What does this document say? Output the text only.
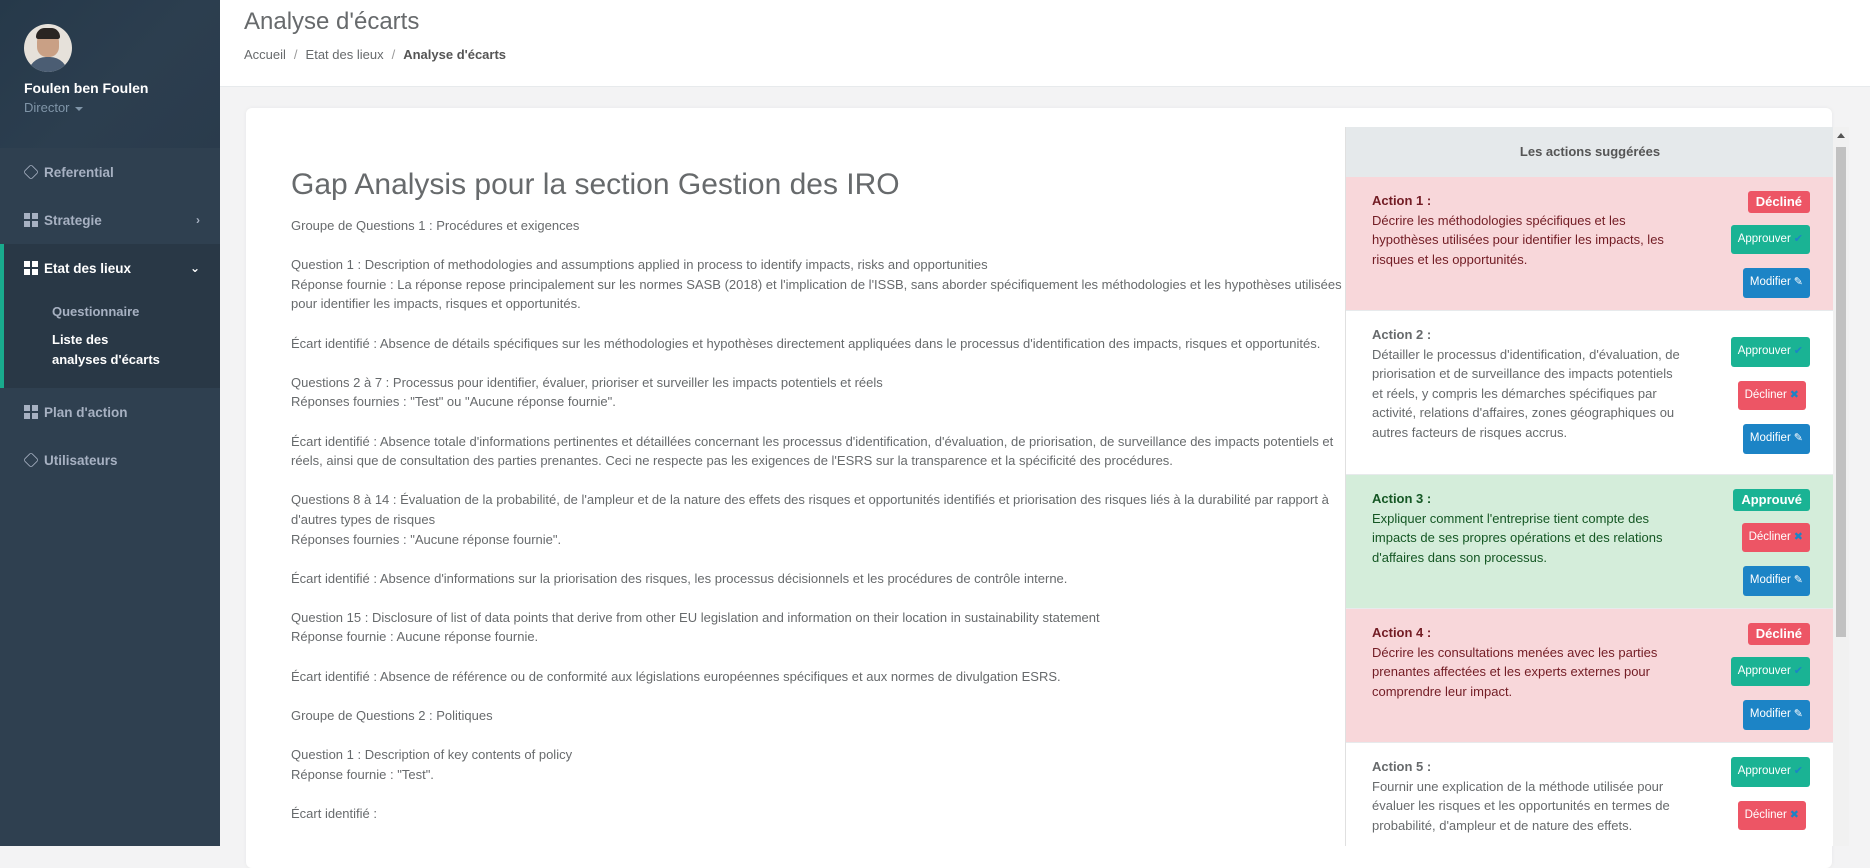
Foulen ben Foulen
Director
Referential
Strategie	›
Etat des lieux	⌄
Questionnaire
Liste des analyses d'écarts
Plan d'action
Utilisateurs
Analyse d'écarts
Accueil / Etat des lieux / Analyse d'écarts
Gap Analysis pour la section Gestion des IRO

Groupe de Questions 1 : Procédures et exigences

Question 1 : Description of methodologies and assumptions applied in process to identify impacts, risks and opportunities
Réponse fournie : La réponse repose principalement sur les normes SASB (2018) et l'implication de l'ISSB, sans aborder spécifiquement les méthodologies et les hypothèses utilisées pour identifier les impacts, risques et opportunités.

Écart identifié : Absence de détails spécifiques sur les méthodologies et hypothèses directement appliquées dans le processus d'identification des impacts, risques et opportunités.

Questions 2 à 7 : Processus pour identifier, évaluer, prioriser et surveiller les impacts potentiels et réels
Réponses fournies : "Test" ou "Aucune réponse fournie".

Écart identifié : Absence totale d'informations pertinentes et détaillées concernant les processus d'identification, d'évaluation, de priorisation, de surveillance des impacts potentiels et réels, ainsi que de consultation des parties prenantes. Ceci ne respecte pas les exigences de l'ESRS sur la transparence et la spécificité des procédures.

Questions 8 à 14 : Évaluation de la probabilité, de l'ampleur et de la nature des effets des risques et opportunités identifiés et priorisation des risques liés à la durabilité par rapport à d'autres types de risques
Réponses fournies : "Aucune réponse fournie".

Écart identifié : Absence d'informations sur la priorisation des risques, les processus décisionnels et les procédures de contrôle interne.

Question 15 : Disclosure of list of data points that derive from other EU legislation and information on their location in sustainability statement
Réponse fournie : Aucune réponse fournie.

Écart identifié : Absence de référence ou de conformité aux législations européennes spécifiques et aux normes de divulgation ESRS.

Groupe de Questions 2 : Politiques

Question 1 : Description of key contents of policy
Réponse fournie : "Test".

Écart identifié :

Les actions suggérées
Action 1 :
Décrire les méthodologies spécifiques et les hypothèses utilisées pour identifier les impacts, les risques et les opportunités.
Décliné
Approuver ✔
Modifier ✎
Action 2 :
Détailler le processus d'identification, d'évaluation, de priorisation et de surveillance des impacts potentiels et réels, y compris les démarches spécifiques par activité, relations d'affaires, zones géographiques ou autres facteurs de risques accrus.
Approuver ✔
Décliner ✖
Modifier ✎
Action 3 :
Expliquer comment l'entreprise tient compte des impacts de ses propres opérations et des relations d'affaires dans son processus.
Approuvé
Décliner ✖
Modifier ✎
Action 4 :
Décrire les consultations menées avec les parties prenantes affectées et les experts externes pour comprendre leur impact.
Décliné
Approuver ✔
Modifier ✎
Action 5 :
Fournir une explication de la méthode utilisée pour évaluer les risques et les opportunités en termes de probabilité, d'ampleur et de nature des effets.
Approuver ✔
Décliner ✖
